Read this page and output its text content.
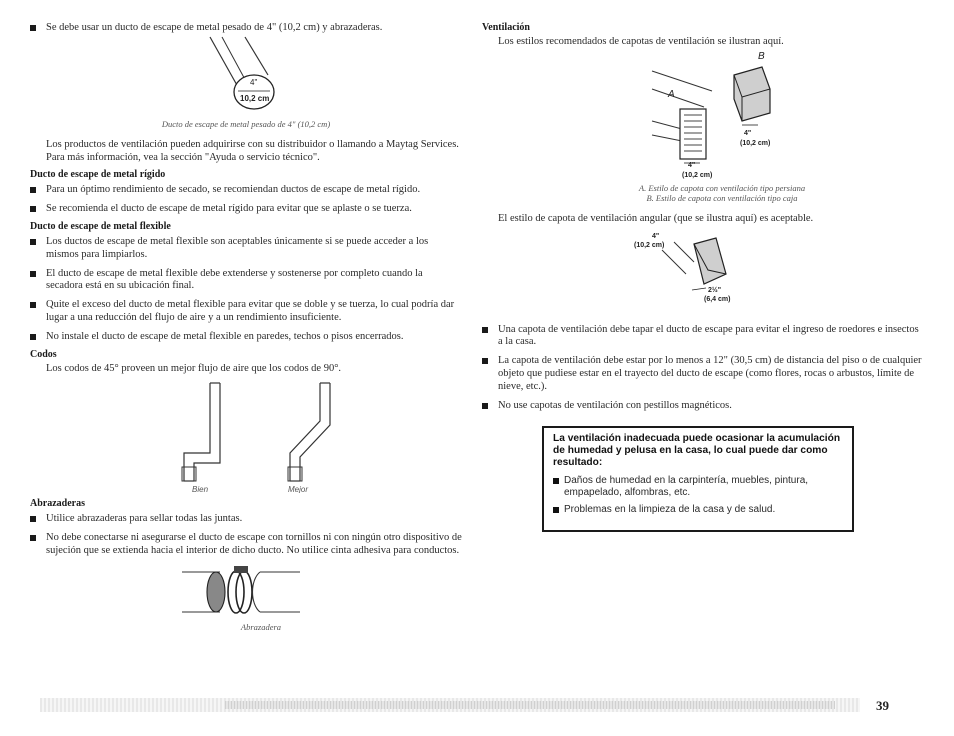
Se debe usar un ducto de escape de metal pesado de 4" (10,2 cm) y abrazaderas.
4"
10,2 cm
Ducto de escape de metal pesado de 4" (10,2 cm)

Los productos de ventilación pueden adquirirse con su distribuidor o llamando a Maytag Services. Para más información, vea la sección "Ayuda o servicio técnico".

Ducto de escape de metal rígido
Para un óptimo rendimiento de secado, se recomiendan ductos de escape de metal rígido.
Se recomienda el ducto de escape de metal rígido para evitar que se aplaste o se tuerza.
Ducto de escape de metal flexible
Los ductos de escape de metal flexible son aceptables únicamente si se puede acceder a los mismos para limpiarlos.
El ducto de escape de metal flexible debe extenderse y sostenerse por completo cuando la secadora está en su ubicación final.
Quite el exceso del ducto de metal flexible para evitar que se doble y se tuerza, lo cual podría dar lugar a una reducción del flujo de aire y a un rendimiento insuficiente.
No instale el ducto de escape de metal flexible en paredes, techos o pisos encerrados.
Codos

Los codos de 45° proveen un mejor flujo de aire que los codos de 90°.

Bien	Mejor
Abrazaderas
Utilice abrazaderas para sellar todas las juntas.
No debe conectarse ni asegurarse el ducto de escape con tornillos ni con ningún otro dispositivo de sujeción que se extienda hacia el interior de dicho ducto. No utilice cinta adhesiva para conductos.
Abrazadera
Ventilación

Los estilos recomendados de capotas de ventilación se ilustran aquí.

B
A
4"
(10,2 cm)
4"
(10,2 cm)
A. Estilo de capota con ventilación tipo persiana
B. Estilo de capota con ventilación tipo caja

El estilo de capota de ventilación angular (que se ilustra aquí) es aceptable.

4"
(10,2 cm)
2½"
(6,4 cm)
Una capota de ventilación debe tapar el ducto de escape para evitar el ingreso de roedores e insectos a la casa.
La capota de ventilación debe estar por lo menos a 12" (30,5 cm) de distancia del piso o de cualquier objeto que pudiese estar en el trayecto del ducto de escape (como flores, rocas o arbustos, límite de nieve, etc.).
No use capotas de ventilación con pestillos magnéticos.
La ventilación inadecuada puede ocasionar la acumulación de humedad y pelusa en la casa, lo cual puede dar como resultado:
Daños de humedad en la carpintería, muebles, pintura, empapelado, alfombras, etc.
Problemas en la limpieza de la casa y de salud.
39
